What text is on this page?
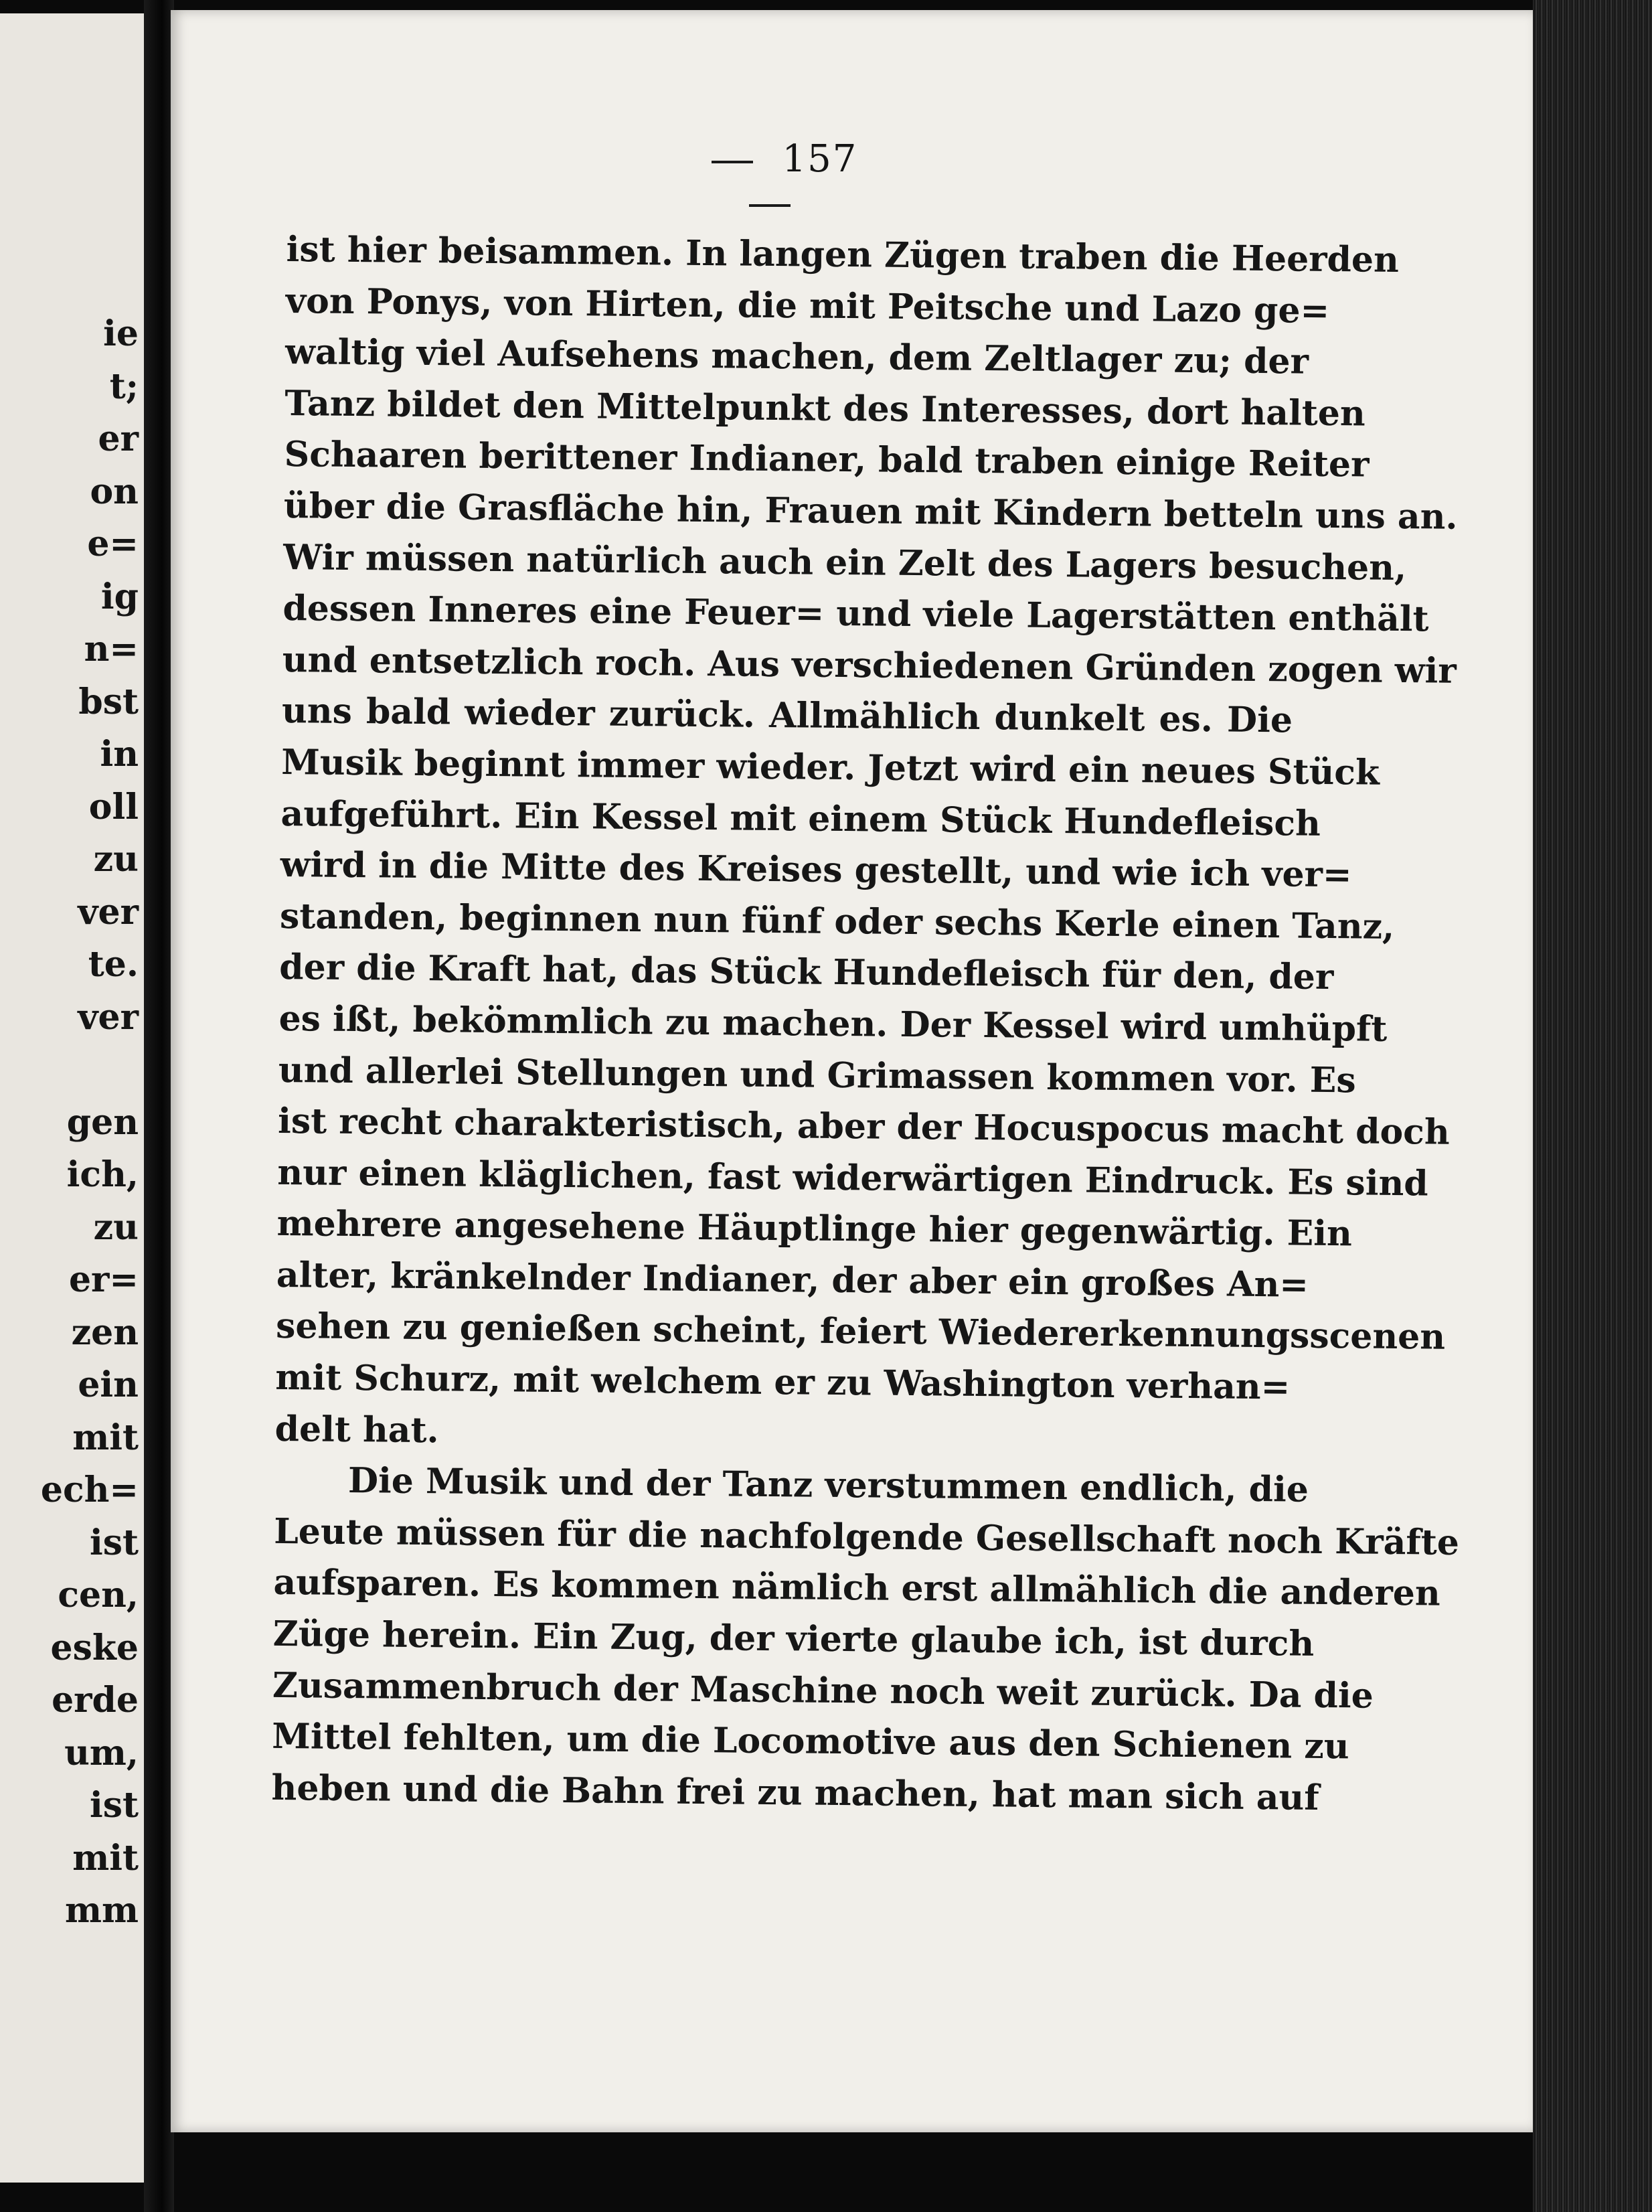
ie
t;
er
on
e=
ig
n=
bst
in
oll
zu
ver
te.
ver
gen
ich,
zu
er=
zen
ein
mit
ech=
ist
cen,
eske
erde
um,
ist
mit
mm
157
ist hier beisammen. In langen Zügen traben die Heerden
von Ponys, von Hirten, die mit Peitsche und Lazo ge=
waltig viel Aufsehens machen, dem Zeltlager zu; der
Tanz bildet den Mittelpunkt des Interesses, dort halten
Schaaren berittener Indianer, bald traben einige Reiter
über die Grasfläche hin, Frauen mit Kindern betteln uns an.
Wir müssen natürlich auch ein Zelt des Lagers besuchen,
dessen Inneres eine Feuer= und viele Lagerstätten enthält
und entsetzlich roch. Aus verschiedenen Gründen zogen wir
uns bald wieder zurück. Allmählich dunkelt es. Die
Musik beginnt immer wieder. Jetzt wird ein neues Stück
aufgeführt. Ein Kessel mit einem Stück Hundefleisch
wird in die Mitte des Kreises gestellt, und wie ich ver=
standen, beginnen nun fünf oder sechs Kerle einen Tanz,
der die Kraft hat, das Stück Hundefleisch für den, der
es ißt, bekömmlich zu machen. Der Kessel wird umhüpft
und allerlei Stellungen und Grimassen kommen vor. Es
ist recht charakteristisch, aber der Hocuspocus macht doch
nur einen kläglichen, fast widerwärtigen Eindruck. Es sind
mehrere angesehene Häuptlinge hier gegenwärtig. Ein
alter, kränkelnder Indianer, der aber ein großes An=
sehen zu genießen scheint, feiert Wiedererkennungsscenen
mit Schurz, mit welchem er zu Washington verhan=
delt hat.
Die Musik und der Tanz verstummen endlich, die
Leute müssen für die nachfolgende Gesellschaft noch Kräfte
aufsparen. Es kommen nämlich erst allmählich die anderen
Züge herein. Ein Zug, der vierte glaube ich, ist durch
Zusammenbruch der Maschine noch weit zurück. Da die
Mittel fehlten, um die Locomotive aus den Schienen zu
heben und die Bahn frei zu machen, hat man sich auf
